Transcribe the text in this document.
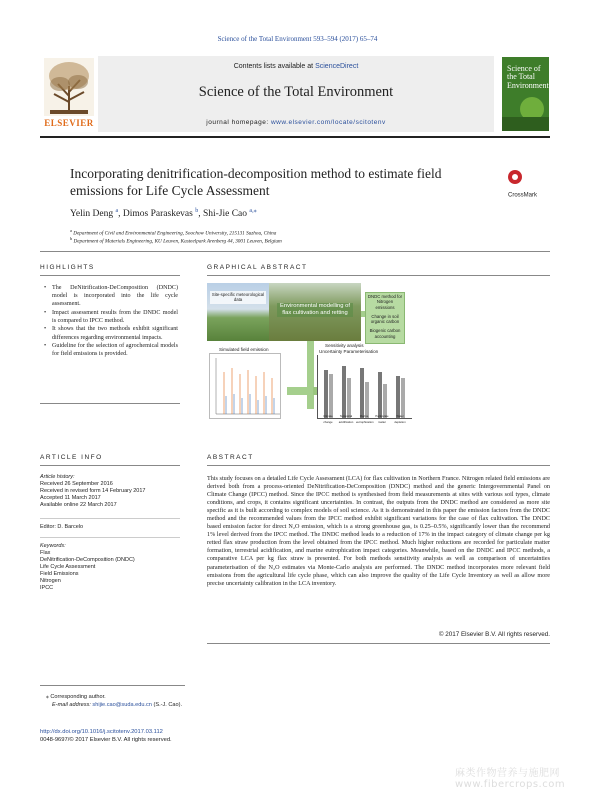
Science of the Total Environment 593–594 (2017) 65–74
ELSEVIER
Contents lists available at ScienceDirect
Science of the Total Environment
journal homepage: www.elsevier.com/locate/scitotenv
Science of the Total Environment
Incorporating denitrification-decomposition method to estimate field emissions for Life Cycle Assessment	CrossMark
Yelin Deng $^a$, Dimos Paraskevas $^b$, Shi-Jie Cao $^{a,⁎}$
$^a$ Department of Civil and Environmental Engineering, Soochow University, 215131 Suzhou, China
$^b$ Department of Materials Engineering, KU Leuven, Kasteelpark Arenberg 44, 3001 Leuven, Belgium
HIGHLIGHTS
• The DeNitrification-DeComposition (DNDC) model is incorporated into the life cycle assessment.
• Impact assessment results from the DNDC model is compared to IPCC method.
• It shows that the two methods exhibit significant differences regarding environmental impacts.
• Guideline for the selection of agrochemical models for field emissions is provided.
GRAPHICAL ABSTRACT
Site-specific meteorological data
Environmental modelling of flax cultivation and retting
DNDC method for Nitrogen emissions
Change in soil organic carbon
Biogenic carbon accounting
Simulated field emission
Sensitivity analysis
Uncertainty Parameterisation
Climate change
Terrestrial acidification
Marine eutrophication
Particulate matter
Water depletion
ARTICLE INFO
Article history:
Received 26 September 2016
Received in revised form 14 February 2017
Accepted 11 March 2017
Available online 22 March 2017
Editor: D. Barcelo
Keywords:
Flax
DeNitrification-DeComposition (DNDC)
Life Cycle Assessment
Field Emissions
Nitrogen
IPCC
ABSTRACT
This study focuses on a detailed Life Cycle Assessment (LCA) for flax cultivation in Northern France. Nitrogen related field emissions are derived both from a process-oriented DeNitrification-DeComposition (DNDC) method and the generic Intergovernmental Panel on Climate Change (IPCC) method. Since the IPCC method is synthesised from field measurements at sites with various soil types, climate conditions, and crops, it contains significant uncertainties. In contrast, the outputs from the DNDC method are considered as more site specific as it is built according to complex models of soil science. As it is demonstrated in this paper the emission factors from the DNDC method and the recommended values from the IPCC method exhibit significant variations for the case of flax cultivation. The DNDC based emission factor for direct N₂O emission, which is a strong greenhouse gas, is 0.25–0.5%, significantly lower than the recommend 1% level derived from the IPCC method. The DNDC method leads to a reduction of 17% in the impact category of climate change per kg retted flax straw production from the level obtained from the IPCC method. Much higher reductions are recorded for particulate matter formation, terrestrial acidification, and marine eutrophication impact categories. Meanwhile, based on the DNDC and IPCC methods, a comparative LCA per kg flax straw is presented. For both methods sensitivity analysis as well as comparison of uncertainties parameterisation of the N₂O estimates via Monte-Carlo analysis are performed. The DNDC method incorporates more relevant field emissions from the agricultural life cycle phase, which can also improve the quality of the Life Cycle Inventory as well as allow more precise uncertainty calibration in the LCA inventory.
© 2017 Elsevier B.V. All rights reserved.
⁎ Corresponding author.
E-mail address: shijie.cao@suda.edu.cn (S.-J. Cao).
http://dx.doi.org/10.1016/j.scitotenv.2017.03.112
0048-9697/© 2017 Elsevier B.V. All rights reserved.
麻类作物营养与施肥网 www.fibercrops.com
